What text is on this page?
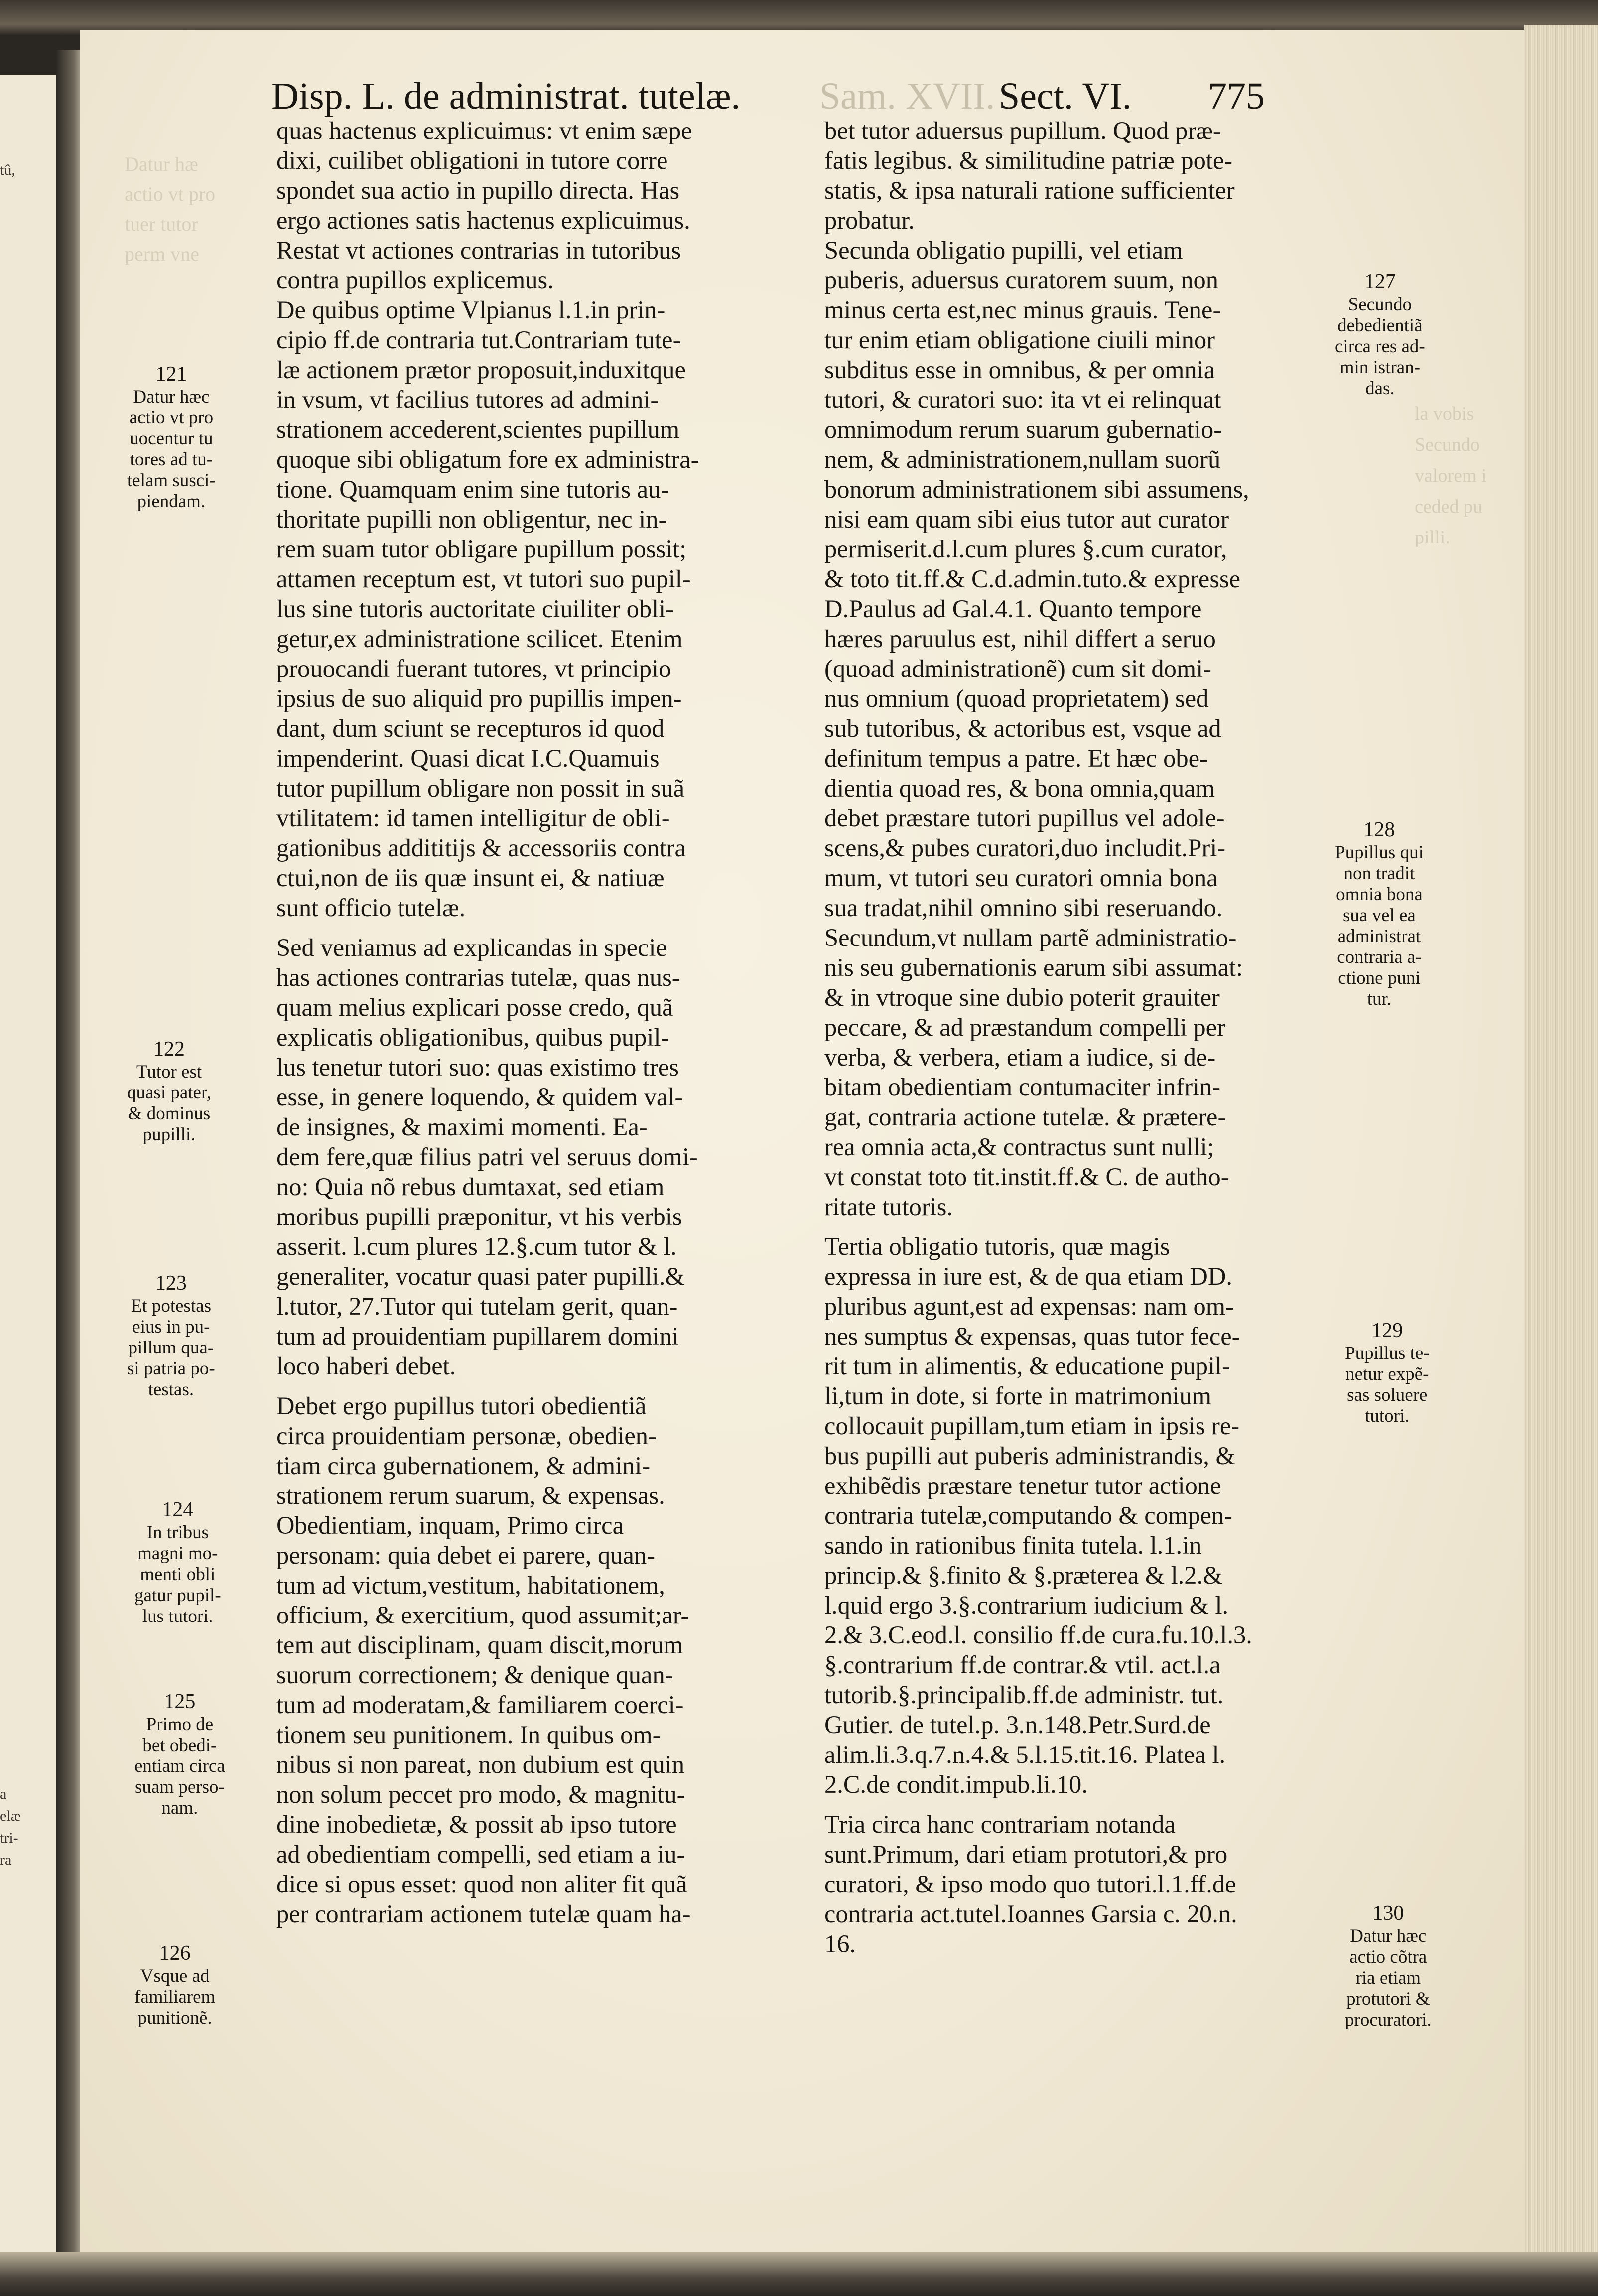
tû,
a
elæ
tri-
ra
Datur hæ
actio vt pro
tuer tutor
perm vne
la vobis
Secundo
valorem i
ceded pu
pilli.
Disp. L. de administrat. tutelæ. Sam. XVII. Sect. VI. 775
quas hactenus explicuimus: vt enim sæpe
dixi, cuilibet obligationi in tutore corre
spondet sua actio in pupillo directa. Has
ergo actiones satis hactenus explicuimus.
Restat vt actiones contrarias in tutoribus
contra pupillos explicemus.
De quibus optime Vlpianus l.1.in prin-
cipio ff.de contraria tut.Contrariam tute-
læ actionem prætor proposuit,induxitque
in vsum, vt facilius tutores ad admini-
strationem accederent,scientes pupillum
quoque sibi obligatum fore ex administra-
tione. Quamquam enim sine tutoris au-
thoritate pupilli non obligentur, nec in-
rem suam tutor obligare pupillum possit;
attamen receptum est, vt tutori suo pupil-
lus sine tutoris auctoritate ciuiliter obli-
getur,ex administratione scilicet. Etenim
prouocandi fuerant tutores, vt principio
ipsius de suo aliquid pro pupillis impen-
dant, dum sciunt se recepturos id quod
impenderint. Quasi dicat I.C.Quamuis
tutor pupillum obligare non possit in suã
vtilitatem: id tamen intelligitur de obli-
gationibus addititijs & accessoriis contra
ctui,non de iis quæ insunt ei, & natiuæ
sunt officio tutelæ.
Sed veniamus ad explicandas in specie
has actiones contrarias tutelæ, quas nus-
quam melius explicari posse credo, quã
explicatis obligationibus, quibus pupil-
lus tenetur tutori suo: quas existimo tres
esse, in genere loquendo, & quidem val-
de insignes, & maximi momenti. Ea-
dem fere,quæ filius patri vel seruus domi-
no: Quia nõ rebus dumtaxat, sed etiam
moribus pupilli præponitur, vt his verbis
asserit. l.cum plures 12.§.cum tutor & l.
generaliter, vocatur quasi pater pupilli.&
l.tutor, 27.Tutor qui tutelam gerit, quan-
tum ad prouidentiam pupillarem domini
loco haberi debet.
Debet ergo pupillus tutori obedientiã
circa prouidentiam personæ, obedien-
tiam circa gubernationem, & admini-
strationem rerum suarum, & expensas.
Obedientiam, inquam, Primo circa
personam: quia debet ei parere, quan-
tum ad victum,vestitum, habitationem,
officium, & exercitium, quod assumit;ar-
tem aut disciplinam, quam discit,morum
suorum correctionem; & denique quan-
tum ad moderatam,& familiarem coerci-
tionem seu punitionem. In quibus om-
nibus si non pareat, non dubium est quin
non solum peccet pro modo, & magnitu-
dine inobedietæ, & possit ab ipso tutore
ad obedientiam compelli, sed etiam a iu-
dice si opus esset: quod non aliter fit quã
per contrariam actionem tutelæ quam ha-
bet tutor aduersus pupillum. Quod præ-
fatis legibus. & similitudine patriæ pote-
statis, & ipsa naturali ratione sufficienter
probatur.
Secunda obligatio pupilli, vel etiam
puberis, aduersus curatorem suum, non
minus certa est,nec minus grauis. Tene-
tur enim etiam obligatione ciuili minor
subditus esse in omnibus, & per omnia
tutori, & curatori suo: ita vt ei relinquat
omnimodum rerum suarum gubernatio-
nem, & administrationem,nullam suorũ
bonorum administrationem sibi assumens,
nisi eam quam sibi eius tutor aut curator
permiserit.d.l.cum plures §.cum curator,
& toto tit.ff.& C.d.admin.tuto.& expresse
D.Paulus ad Gal.4.1. Quanto tempore
hæres paruulus est, nihil differt a seruo
(quoad administrationẽ) cum sit domi-
nus omnium (quoad proprietatem) sed
sub tutoribus, & actoribus est, vsque ad
definitum tempus a patre. Et hæc obe-
dientia quoad res, & bona omnia,quam
debet præstare tutori pupillus vel adole-
scens,& pubes curatori,duo includit.Pri-
mum, vt tutori seu curatori omnia bona
sua tradat,nihil omnino sibi reseruando.
Secundum,vt nullam partẽ administratio-
nis seu gubernationis earum sibi assumat:
& in vtroque sine dubio poterit grauiter
peccare, & ad præstandum compelli per
verba, & verbera, etiam a iudice, si de-
bitam obedientiam contumaciter infrin-
gat, contraria actione tutelæ. & prætere-
rea omnia acta,& contractus sunt nulli;
vt constat toto tit.instit.ff.& C. de autho-
ritate tutoris.
Tertia obligatio tutoris, quæ magis
expressa in iure est, & de qua etiam DD.
pluribus agunt,est ad expensas: nam om-
nes sumptus & expensas, quas tutor fece-
rit tum in alimentis, & educatione pupil-
li,tum in dote, si forte in matrimonium
collocauit pupillam,tum etiam in ipsis re-
bus pupilli aut puberis administrandis, &
exhibẽdis præstare tenetur tutor actione
contraria tutelæ,computando & compen-
sando in rationibus finita tutela. l.1.in
princip.& §.finito & §.præterea & l.2.&
l.quid ergo 3.§.contrarium iudicium & l.
2.& 3.C.eod.l. consilio ff.de cura.fu.10.l.3.
§.contrarium ff.de contrar.& vtil. act.l.a
tutorib.§.principalib.ff.de administr. tut.
Gutier. de tutel.p. 3.n.148.Petr.Surd.de
alim.li.3.q.7.n.4.& 5.l.15.tit.16. Platea l.
2.C.de condit.impub.li.10.
Tria circa hanc contrariam notanda
sunt.Primum, dari etiam protutori,& pro
curatori, & ipso modo quo tutori.l.1.ff.de
contraria act.tutel.Ioannes Garsia c. 20.n.
16.
121
Datur hæc
actio vt pro
uocentur tu
tores ad tu-
telam susci-
piendam.
122
Tutor est
quasi pater,
& dominus
pupilli.
123
Et potestas
eius in pu-
pillum qua-
si patria po-
testas.
124
In tribus
magni mo-
menti obli
gatur pupil-
lus tutori.
125
Primo de
bet obedi-
entiam circa
suam perso-
nam.
126
Vsque ad
familiarem
punitionẽ.
127
Secundo
debedientiã
circa res ad-
min istran-
das.
128
Pupillus qui
non tradit
omnia bona
sua vel ea
administrat
contraria a-
ctione puni
tur.
129
Pupillus te-
netur expẽ-
sas soluere
tutori.
130
Datur hæc
actio cõtra
ria etiam
protutori &
procuratori.
